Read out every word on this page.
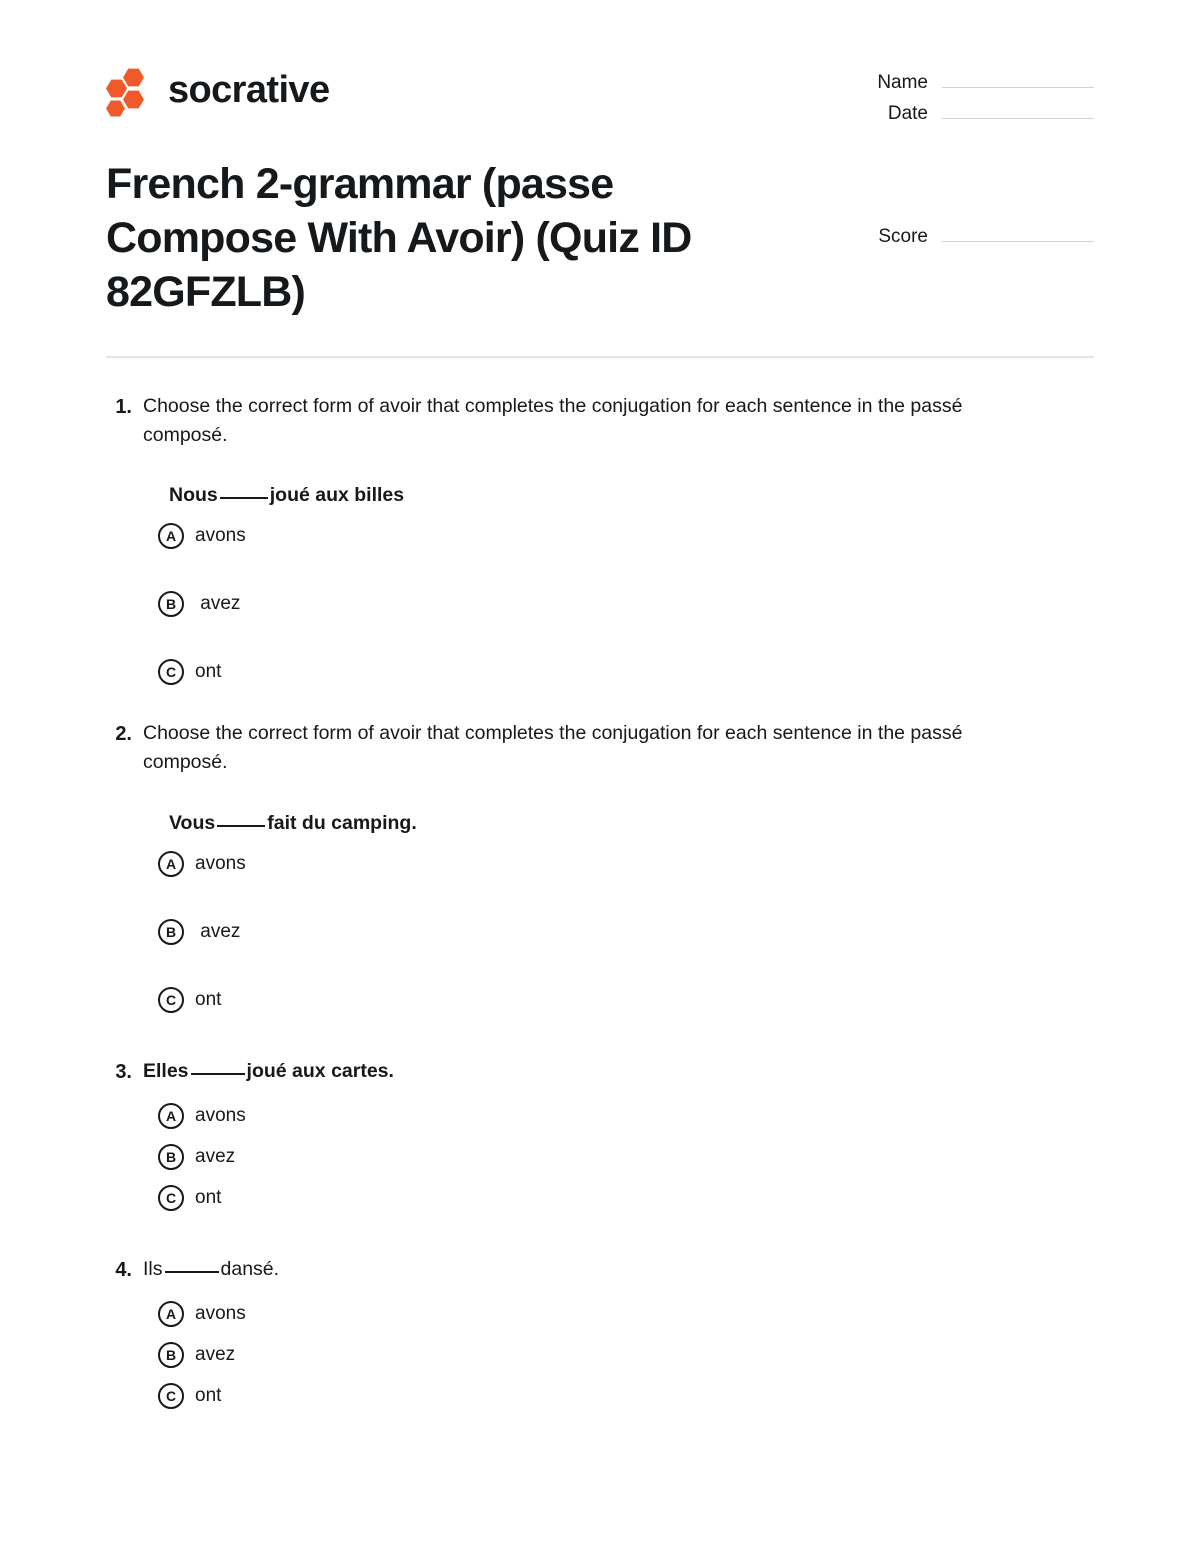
socrative	Name
Date
French 2-grammar (passe Compose With Avoir) (Quiz ID 82GFZLB)
Score
1. Choose the correct form of avoir that completes the conjugation for each sentence in the passé composé.
Nous	joué aux billes
A avons
B avez
C ont
2. Choose the correct form of avoir that completes the conjugation for each sentence in the passé composé.
Vous	fait du camping.
A avons
B avez
C ont
3. Elles	joué aux cartes.
A avons
B avez
C ont
4. Ils	dansé.
A avons
B avez
C ont
